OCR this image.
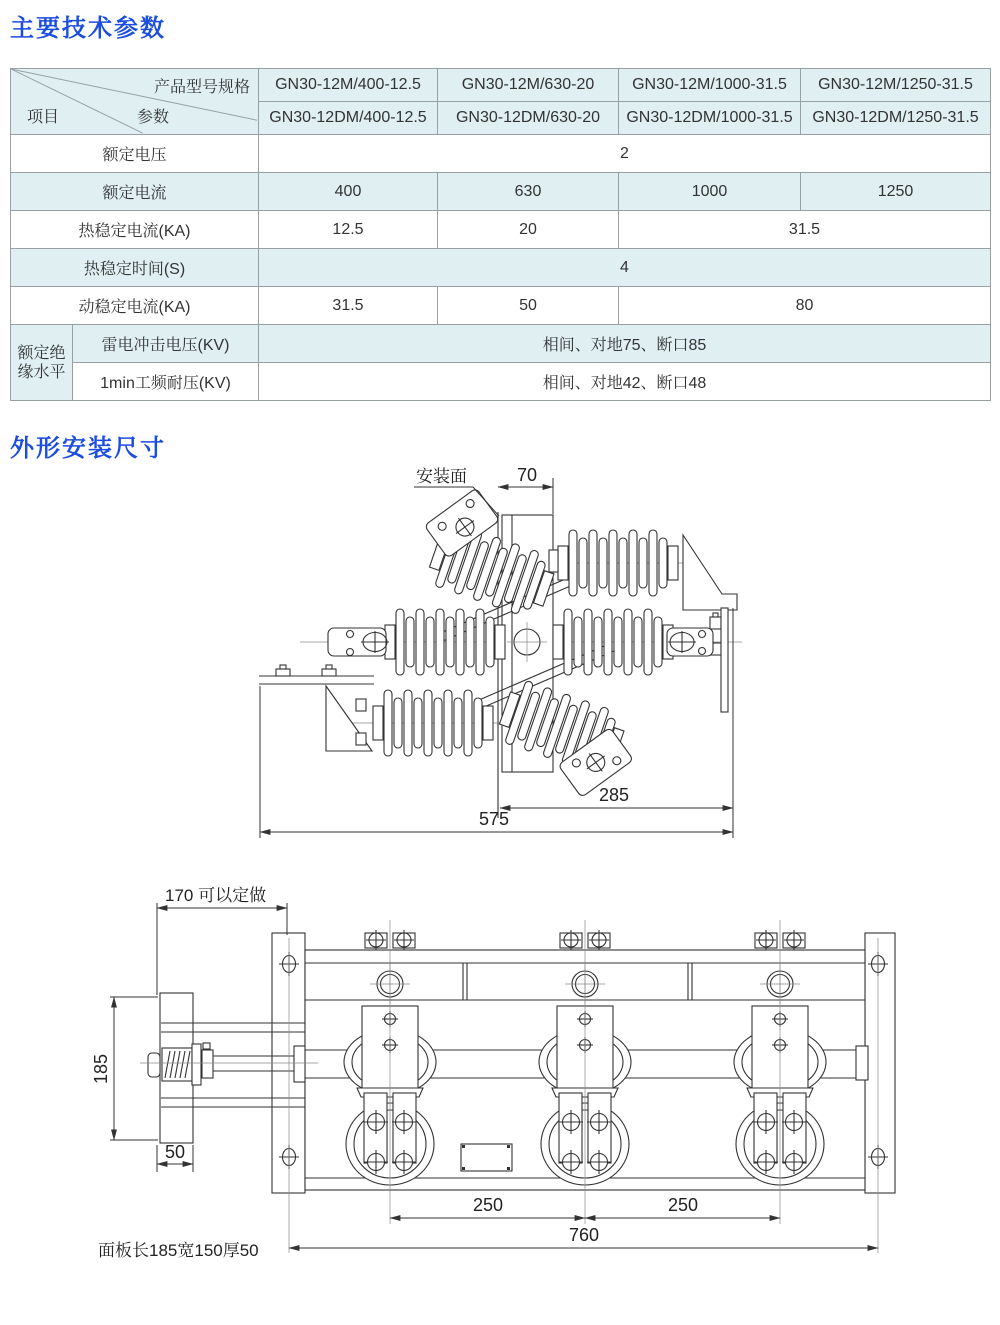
主要技术参数
产品型号规格
参数
项目		GN30-12M/400-12.5	GN30-12M/630-20	GN30-12M/1000-31.5	GN30-12M/1250-31.5
		GN30-12DM/400-12.5	GN30-12DM/630-20	GN30-12DM/1000-31.5	GN30-12DM/1250-31.5
额定电压		2			
额定电流		400	630	1000	1250
热稳定电流(KA)		12.5	20	31.5	
热稳定时间(S)		4			
动稳定电流(KA)		31.5	50	80	
额定绝缘水平	雷电冲击电压(KV)	相间、对地75、断口85			
	1min工频耐压(KV)	相间、对地42、断口48			
外形安装尺寸
70
安装面
285
575
170 可以定做
185
50
250	250
760
面板长185宽150厚50
